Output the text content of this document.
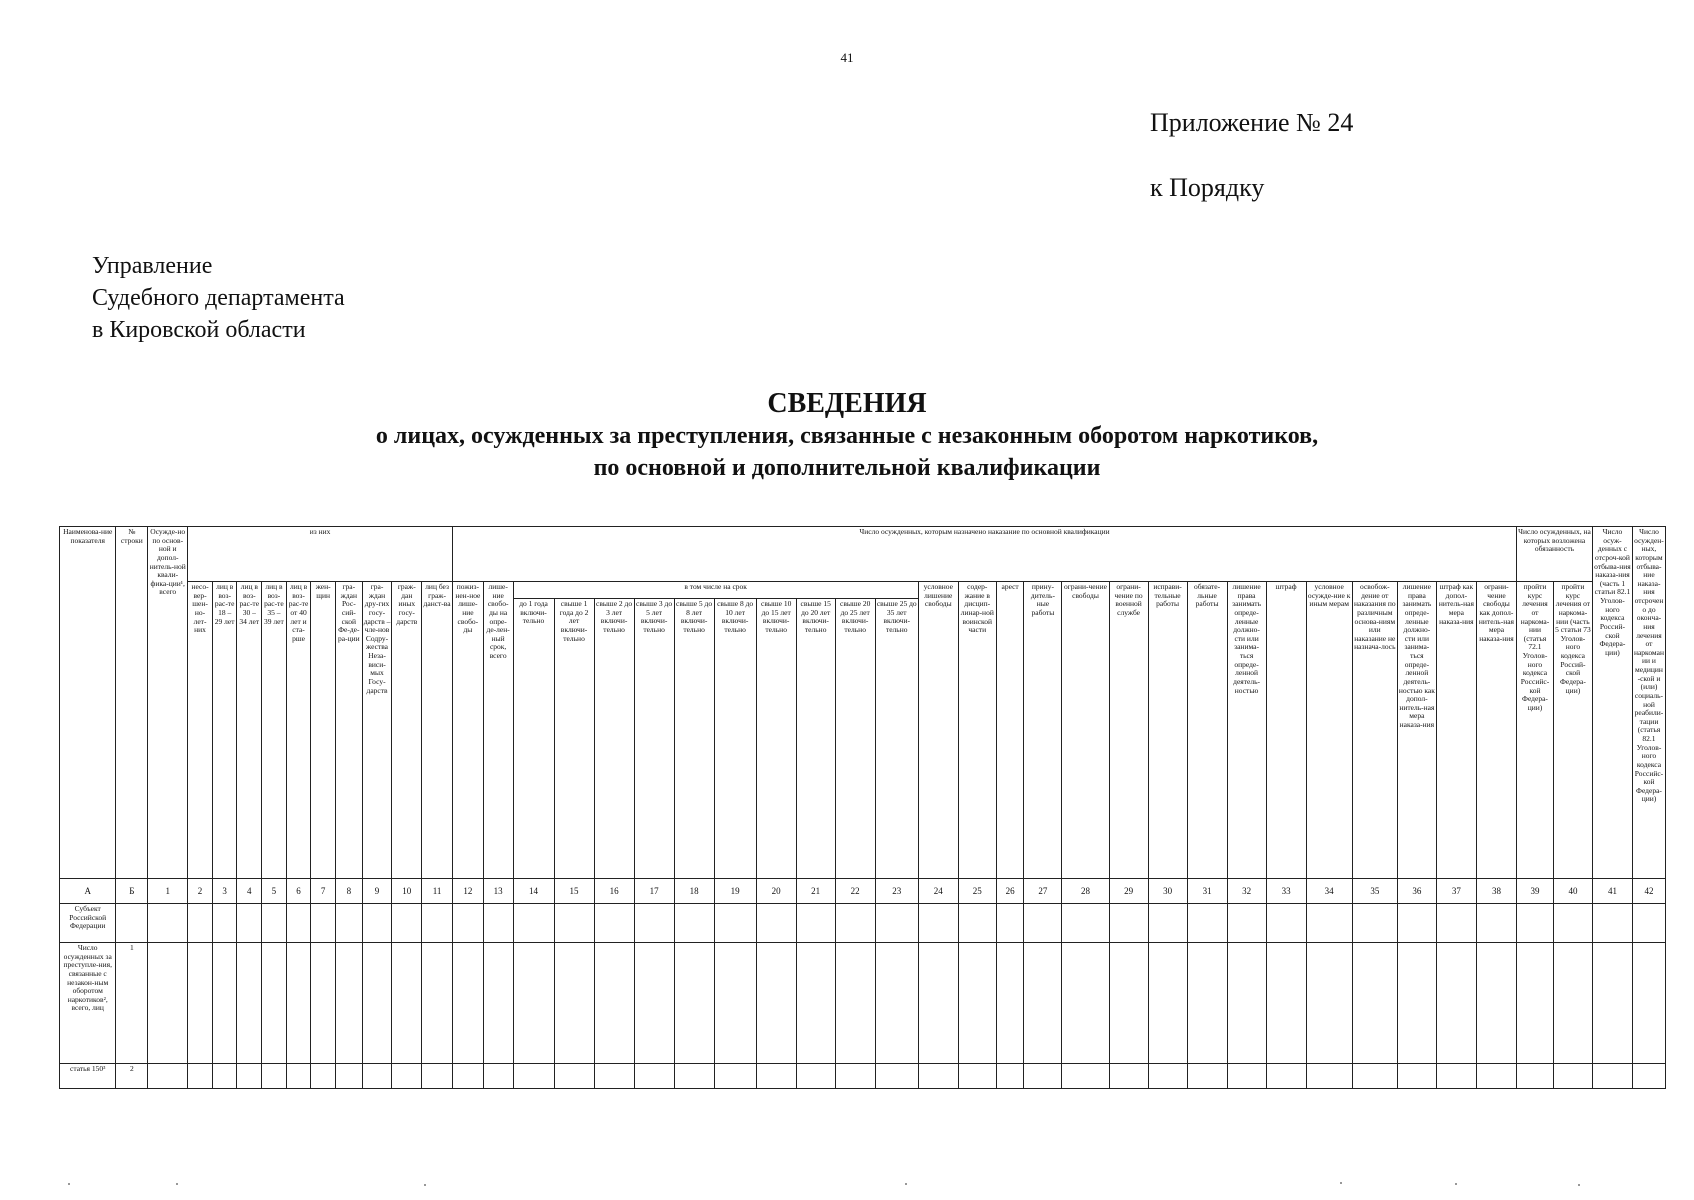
41
Приложение № 24
к Порядку
Управление
Судебного департамента
в Кировской области
СВЕДЕНИЯ
о лицах, осужденных за преступления, связанные с незаконным оборотом наркотиков,
по основной и дополнительной квалификации
Наименова-ние показателя	№ строки	Осужде-но по основ-ной и допол-нитель-ной квали-фика-ции¹, всего	из них										Число осужденных, которым назначено наказание по основной квалификации																											Число осужденных, на которых возложена обязанность		Число осуж-денных с отсроч-кой отбыва-ния наказа-ния (часть 1 статьи 82.1 Уголов-ного кодекса Россий-ской Федера-ции)	Число осужден-ных, которым отбыва-ние наказа-ния отсрочено до оконча-ния лечения от наркомании и медицин-ской и (или) социаль-ной реабили-тации (статья 82.1 Уголов-ного кодекса Российс-кой Федера-ции)
			несо-вер-шен-но-лет-них	лиц в воз-рас-те 18 – 29 лет	лиц в воз-рас-те 30 – 34 лет	лиц в воз-рас-те 35 – 39 лет	лиц в воз-рас-те от 40 лет и ста-рше	жен-щин	гра-ждан Рос-сий-ской Фе-де-ра-ции	гра-ждан дру-гих госу-дарств – чле-нов Содру-жества Неза-виси-мых Госу-дарств	граж-дан иных госу-дарств	лиц без граж-данст-ва	пожиз-нен-ное лише-ние свобо-ды	лише-ние свобо-ды на опре-де-лен-ный срок, всего	в том числе на срок										условное лишение свободы	содер-жание в дисцип-линар-ной воинской части	арест	прину-дитель-ные работы	ограни-чение свободы	ограни-чение по военной службе	исправи-тельные работы	обязате-льные работы	лишение права занимать опреде-ленные должно-сти или занима-ться опреде-ленной деятель-ностью	штраф	условное осужде-ние к иным мерам	освобож-дение от наказания по различным основа-ниям или наказание не назнача-лось	лишение права занимать опреде-ленные должно-сти или занима-ться опреде-ленной деятель-ностью как допол-нитель-ная мера наказа-ния	штраф как допол-нитель-ная мера наказа-ния	ограни-чение свободы как допол-нитель-ная мера наказа-ния	пройти курс лечения от наркома-нии (статья 72.1 Уголов-ного кодекса Российс-кой Федера-ции)	пройти курс лечения от наркома-нии (часть 5 статьи 73 Уголов-ного кодекса Россий-ской Федера-ции)		
															до 1 года включи-тельно	свыше 1 года до 2 лет включи-тельно	свыше 2 до 3 лет включи-тельно	свыше 3 до 5 лет включи-тельно	свыше 5 до 8 лет включи-тельно	свыше 8 до 10 лет включи-тельно	свыше 10 до 15 лет включи-тельно	свыше 15 до 20 лет включи-тельно	свыше 20 до 25 лет включи-тельно	свыше 25 до 35 лет включи-тельно																			
А	Б	1	2	3	4	5	6	7	8	9	10	11	12	13	14	15	16	17	18	19	20	21	22	23	24	25	26	27	28	29	30	31	32	33	34	35	36	37	38	39	40	41	42
Субъект Российской Федерации																																											
Число осужденных за преступле-ния, связанные с незакон-ным оборотом наркотиков², всего, лиц	1																																										
статья 150³	2																																										
